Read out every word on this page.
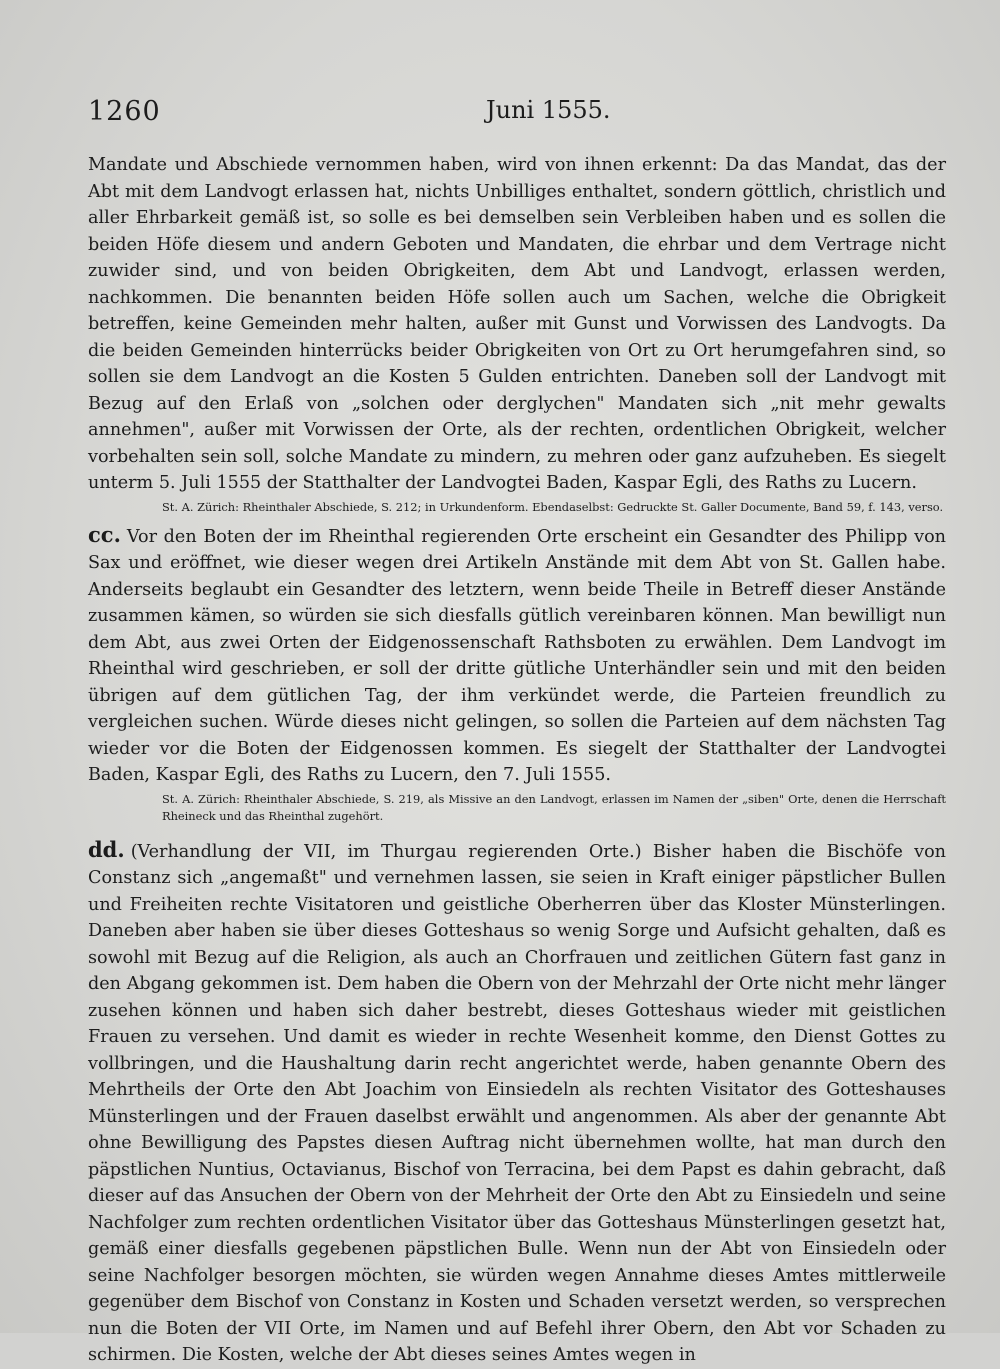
1260	Juni 1555.

Mandate und Abschiede vernommen haben, wird von ihnen erkennt: Da das Mandat, das der Abt mit dem Landvogt erlassen hat, nichts Unbilliges enthaltet, sondern göttlich, christlich und aller Ehrbarkeit gemäß ist, so solle es bei demselben sein Verbleiben haben und es sollen die beiden Höfe diesem und andern Geboten und Mandaten, die ehrbar und dem Vertrage nicht zuwider sind, und von beiden Obrigkeiten, dem Abt und Landvogt, erlassen werden, nachkommen. Die benannten beiden Höfe sollen auch um Sachen, welche die Obrigkeit betreffen, keine Gemeinden mehr halten, außer mit Gunst und Vorwissen des Landvogts. Da die beiden Gemeinden hinterrücks beider Obrigkeiten von Ort zu Ort herumgefahren sind, so sollen sie dem Landvogt an die Kosten 5 Gulden entrichten. Daneben soll der Landvogt mit Bezug auf den Erlaß von „solchen oder derglychen" Mandaten sich „nit mehr gewalts annehmen", außer mit Vorwissen der Orte, als der rechten, ordentlichen Obrigkeit, welcher vorbehalten sein soll, solche Mandate zu mindern, zu mehren oder ganz aufzuheben. Es siegelt unterm 5. Juli 1555 der Statthalter der Landvogtei Baden, Kaspar Egli, des Raths zu Lucern.

St. A. Zürich: Rheinthaler Abschiede, S. 212; in Urkundenform. Ebendaselbst: Gedruckte St. Galler Documente, Band 59, f. 143, verso.

cc. Vor den Boten der im Rheinthal regierenden Orte erscheint ein Gesandter des Philipp von Sax und eröffnet, wie dieser wegen drei Artikeln Anstände mit dem Abt von St. Gallen habe. Anderseits beglaubt ein Gesandter des letztern, wenn beide Theile in Betreff dieser Anstände zusammen kämen, so würden sie sich diesfalls gütlich vereinbaren können. Man bewilligt nun dem Abt, aus zwei Orten der Eidgenossenschaft Rathsboten zu erwählen. Dem Landvogt im Rheinthal wird geschrieben, er soll der dritte gütliche Unterhändler sein und mit den beiden übrigen auf dem gütlichen Tag, der ihm verkündet werde, die Parteien freundlich zu vergleichen suchen. Würde dieses nicht gelingen, so sollen die Parteien auf dem nächsten Tag wieder vor die Boten der Eidgenossen kommen. Es siegelt der Statthalter der Landvogtei Baden, Kaspar Egli, des Raths zu Lucern, den 7. Juli 1555.

St. A. Zürich: Rheinthaler Abschiede, S. 219, als Missive an den Landvogt, erlassen im Namen der „siben" Orte, denen die Herrschaft Rheineck und das Rheinthal zugehört.

dd. (Verhandlung der VII, im Thurgau regierenden Orte.) Bisher haben die Bischöfe von Constanz sich „angemaßt" und vernehmen lassen, sie seien in Kraft einiger päpstlicher Bullen und Freiheiten rechte Visitatoren und geistliche Oberherren über das Kloster Münsterlingen. Daneben aber haben sie über dieses Gotteshaus so wenig Sorge und Aufsicht gehalten, daß es sowohl mit Bezug auf die Religion, als auch an Chorfrauen und zeitlichen Gütern fast ganz in den Abgang gekommen ist. Dem haben die Obern von der Mehrzahl der Orte nicht mehr länger zusehen können und haben sich daher bestrebt, dieses Gotteshaus wieder mit geistlichen Frauen zu versehen. Und damit es wieder in rechte Wesenheit komme, den Dienst Gottes zu vollbringen, und die Haushaltung darin recht angerichtet werde, haben genannte Obern des Mehrtheils der Orte den Abt Joachim von Einsiedeln als rechten Visitator des Gotteshauses Münsterlingen und der Frauen daselbst erwählt und angenommen. Als aber der genannte Abt ohne Bewilligung des Papstes diesen Auftrag nicht übernehmen wollte, hat man durch den päpstlichen Nuntius, Octavianus, Bischof von Terracina, bei dem Papst es dahin gebracht, daß dieser auf das Ansuchen der Obern von der Mehrheit der Orte den Abt zu Einsiedeln und seine Nachfolger zum rechten ordentlichen Visitator über das Gotteshaus Münsterlingen gesetzt hat, gemäß einer diesfalls gegebenen päpstlichen Bulle. Wenn nun der Abt von Einsiedeln oder seine Nachfolger besorgen möchten, sie würden wegen Annahme dieses Amtes mittlerweile gegenüber dem Bischof von Constanz in Kosten und Schaden versetzt werden, so versprechen nun die Boten der VII Orte, im Namen und auf Befehl ihrer Obern, den Abt vor Schaden zu schirmen. Die Kosten, welche der Abt dieses seines Amtes wegen in
